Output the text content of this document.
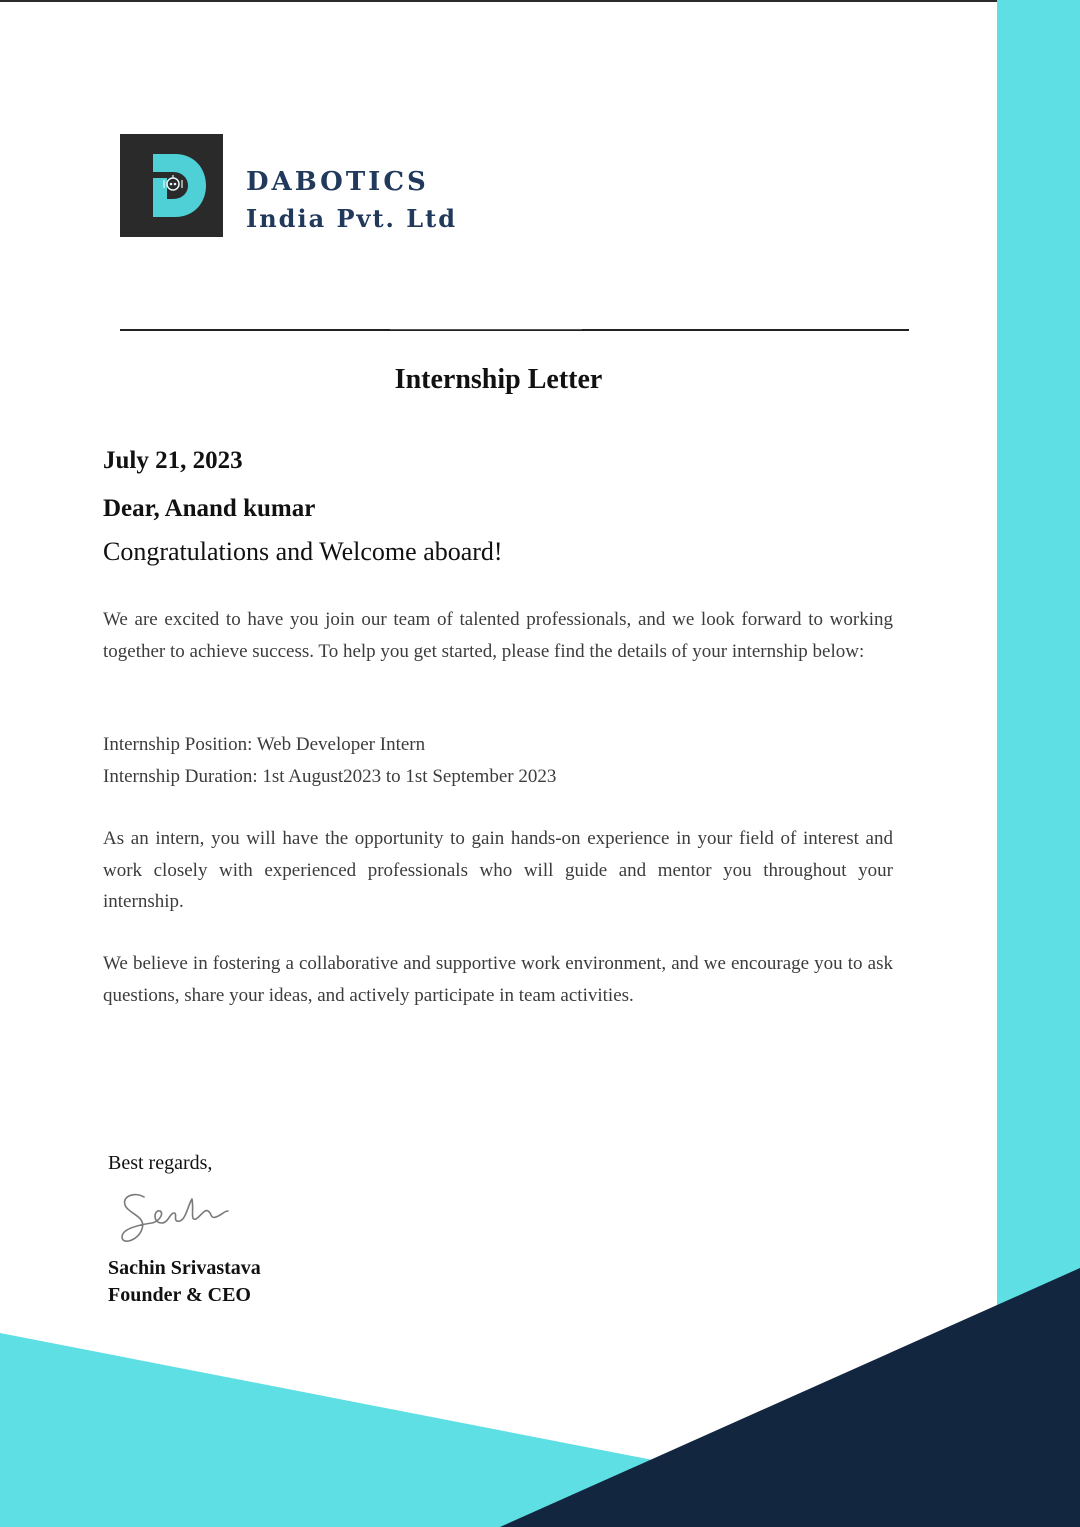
DABOTICS

India Pvt. Ltd

Internship Letter
July 21, 2023
Dear, Anand kumar
Congratulations and Welcome aboard!

We are excited to have you join our team of talented professionals, and we look forward to working together to achieve success. To help you get started, please find the details of your internship below:

Internship Position: Web Developer Intern
Internship Duration: 1st August2023 to 1st September 2023

As an intern, you will have the opportunity to gain hands-on experience in your field of interest and work closely with experienced professionals who will guide and mentor you throughout your internship.

We believe in fostering a collaborative and supportive work environment, and we encourage you to ask questions, share your ideas, and actively participate in team activities.

Best regards,
Sachin Srivastava
Founder & CEO
